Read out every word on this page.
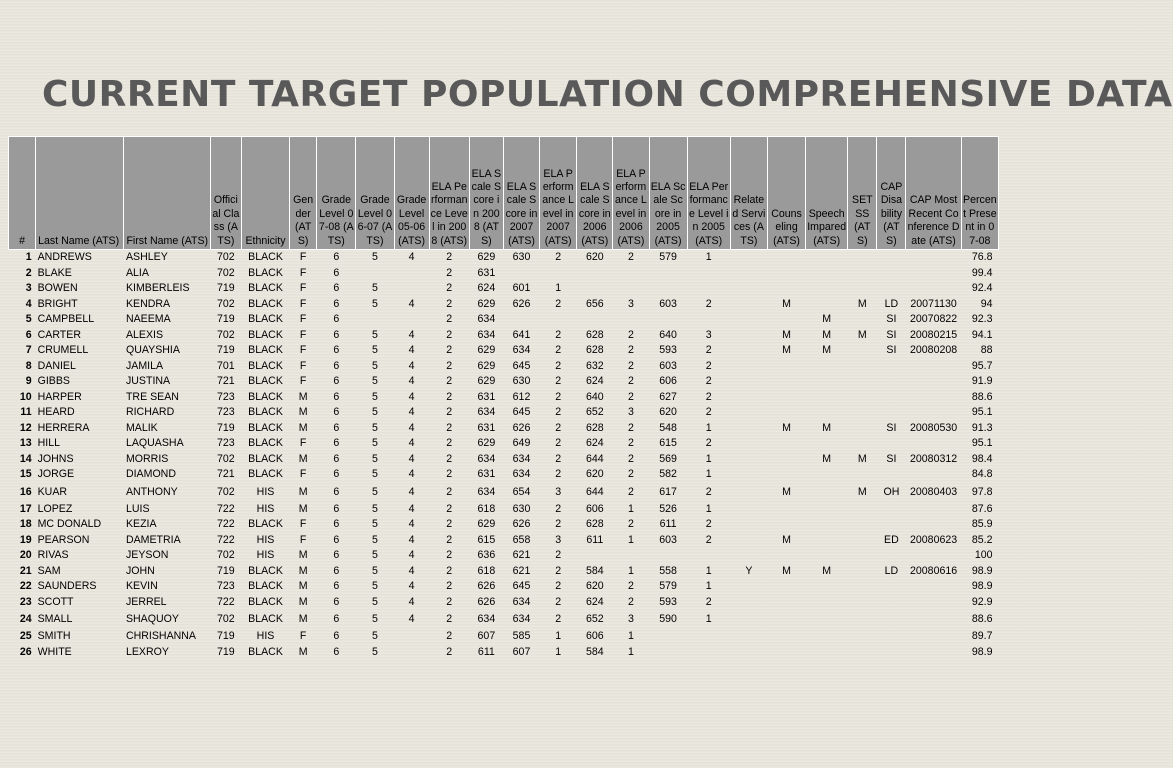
CURRENT TARGET POPULATION COMPREHENSIVE DATA
#	Last Name (ATS)	First Name (ATS)	Official Class (ATS)	Ethnicity	Gender (ATS)	Grade Level 07-08 (ATS)	Grade Level 06-07 (ATS)	Grade Level 05-06 (ATS)	ELA Performance Level in 2008 (ATS)	ELA Scale Score in 2008 (ATS)	ELA Scale Score in 2007 (ATS)	ELA Performance Level in 2007 (ATS)	ELA Scale Score in 2006 (ATS)	ELA Performance Level in 2006 (ATS)	ELA Scale Score in 2005 (ATS)	ELA Performance Level in 2005 (ATS)	Related Services (ATS)	Counseling (ATS)	Speech Impared (ATS)	SETSS (ATS)	CAP Disability (ATS)	CAP Most Recent Conference Date (ATS)	Percent Present in 07-08
1	ANDREWS	ASHLEY	702	BLACK	F	6	5	4	2	629	630	2	620	2	579	1							76.8
2	BLAKE	ALIA	702	BLACK	F	6			2	631													99.4
3	BOWEN	KIMBERLEIS	719	BLACK	F	6	5		2	624	601	1											92.4
4	BRIGHT	KENDRA	702	BLACK	F	6	5	4	2	629	626	2	656	3	603	2		M		M	LD	20071130	94
5	CAMPBELL	NAEEMA	719	BLACK	F	6			2	634									M		SI	20070822	92.3
6	CARTER	ALEXIS	702	BLACK	F	6	5	4	2	634	641	2	628	2	640	3		M	M	M	SI	20080215	94.1
7	CRUMELL	QUAYSHIA	719	BLACK	F	6	5	4	2	629	634	2	628	2	593	2		M	M		SI	20080208	88
8	DANIEL	JAMILA	701	BLACK	F	6	5	4	2	629	645	2	632	2	603	2							95.7
9	GIBBS	JUSTINA	721	BLACK	F	6	5	4	2	629	630	2	624	2	606	2							91.9
10	HARPER	TRE SEAN	723	BLACK	M	6	5	4	2	631	612	2	640	2	627	2							88.6
11	HEARD	RICHARD	723	BLACK	M	6	5	4	2	634	645	2	652	3	620	2							95.1
12	HERRERA	MALIK	719	BLACK	M	6	5	4	2	631	626	2	628	2	548	1		M	M		SI	20080530	91.3
13	HILL	LAQUASHA	723	BLACK	F	6	5	4	2	629	649	2	624	2	615	2							95.1
14	JOHNS	MORRIS	702	BLACK	M	6	5	4	2	634	634	2	644	2	569	1			M	M	SI	20080312	98.4
15	JORGE	DIAMOND	721	BLACK	F	6	5	4	2	631	634	2	620	2	582	1							84.8
16	KUAR	ANTHONY	702	HIS	M	6	5	4	2	634	654	3	644	2	617	2		M		M	OH	20080403	97.8
17	LOPEZ	LUIS	722	HIS	M	6	5	4	2	618	630	2	606	1	526	1							87.6
18	MC DONALD	KEZIA	722	BLACK	F	6	5	4	2	629	626	2	628	2	611	2							85.9
19	PEARSON	DAMETRIA	722	HIS	F	6	5	4	2	615	658	3	611	1	603	2		M			ED	20080623	85.2
20	RIVAS	JEYSON	702	HIS	M	6	5	4	2	636	621	2											100
21	SAM	JOHN	719	BLACK	M	6	5	4	2	618	621	2	584	1	558	1	Y	M	M		LD	20080616	98.9
22	SAUNDERS	KEVIN	723	BLACK	M	6	5	4	2	626	645	2	620	2	579	1							98.9
23	SCOTT	JERREL	722	BLACK	M	6	5	4	2	626	634	2	624	2	593	2							92.9
24	SMALL	SHAQUOY	702	BLACK	M	6	5	4	2	634	634	2	652	3	590	1							88.6
25	SMITH	CHRISHANNA	719	HIS	F	6	5		2	607	585	1	606	1									89.7
26	WHITE	LEXROY	719	BLACK	M	6	5		2	611	607	1	584	1									98.9
